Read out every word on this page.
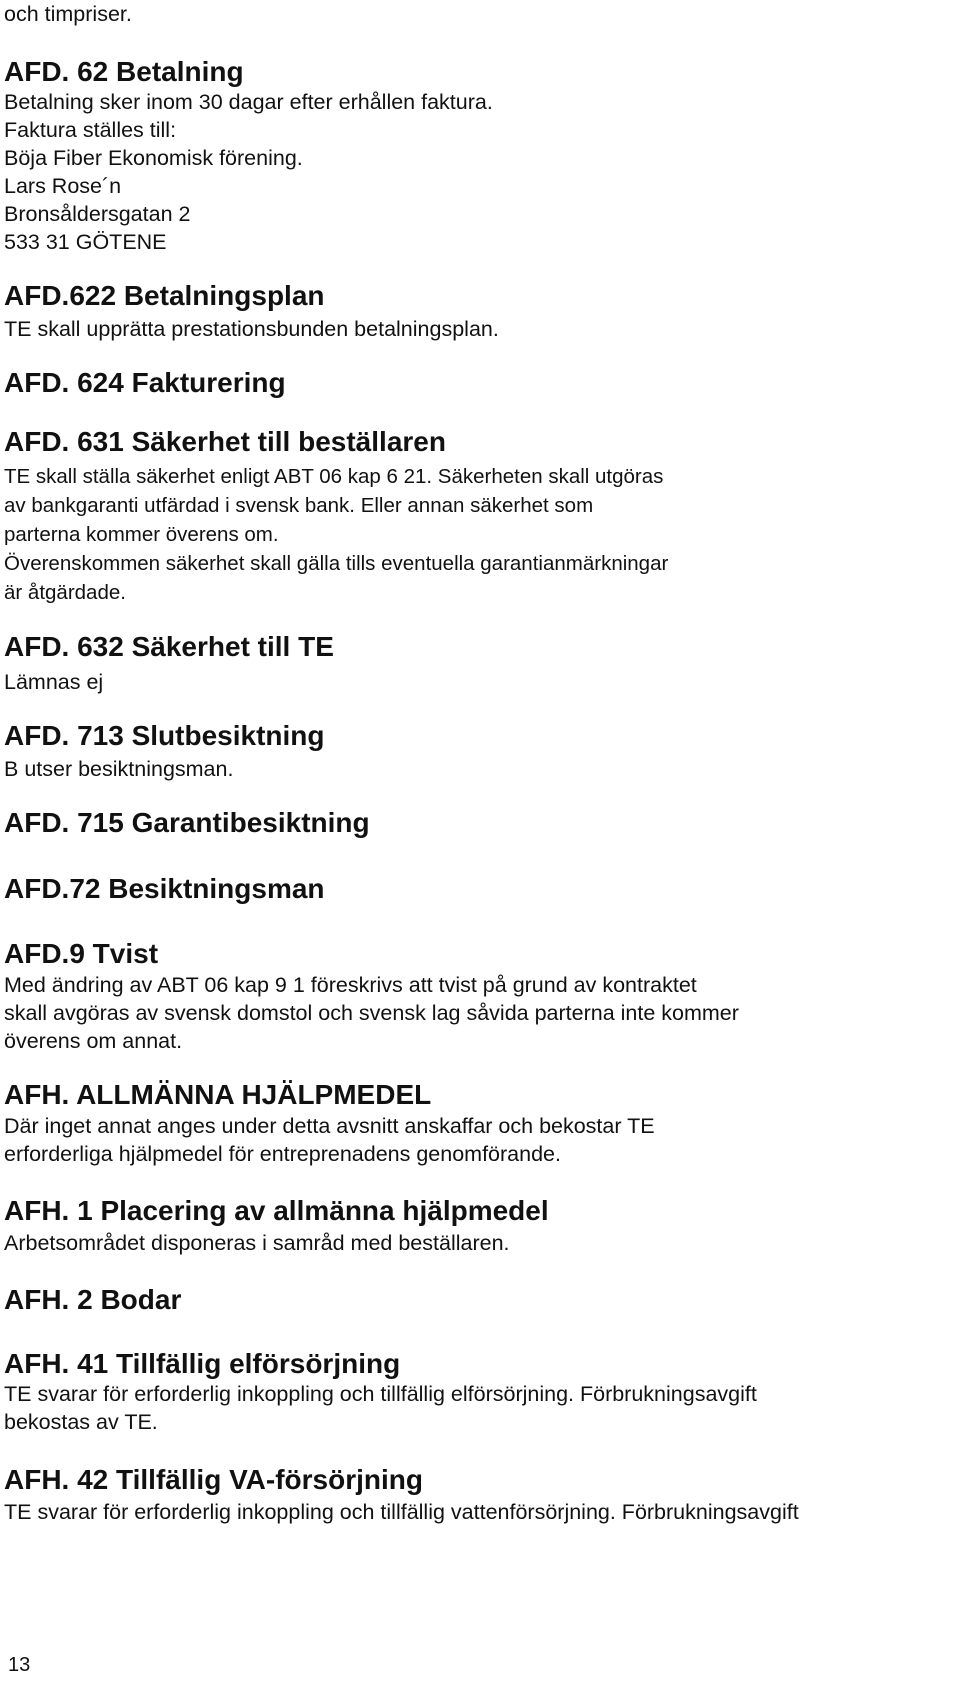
och timpriser.

AFD. 62 Betalning

Betalning sker inom 30 dagar efter erhållen faktura.

Faktura ställes till:

Böja Fiber Ekonomisk förening.

Lars Rose´n

Bronsåldersgatan 2

533 31 GÖTENE

AFD.622 Betalningsplan

TE skall upprätta prestationsbunden betalningsplan.

AFD. 624 Fakturering
AFD. 631 Säkerhet till beställaren

TE skall ställa säkerhet enligt ABT 06 kap 6 21. Säkerheten skall utgöras

av bankgaranti utfärdad i svensk bank. Eller annan säkerhet som

parterna kommer överens om.

Överenskommen säkerhet skall gälla tills eventuella garantianmärkningar

är åtgärdade.

AFD. 632 Säkerhet till TE

Lämnas ej

AFD. 713 Slutbesiktning

B utser besiktningsman.

AFD. 715 Garantibesiktning
AFD.72 Besiktningsman
AFD.9 Tvist

Med ändring av ABT 06 kap 9 1 föreskrivs att tvist på grund av kontraktet

skall avgöras av svensk domstol och svensk lag såvida parterna inte kommer

överens om annat.

AFH. ALLMÄNNA HJÄLPMEDEL

Där inget annat anges under detta avsnitt anskaffar och bekostar TE

erforderliga hjälpmedel för entreprenadens genomförande.

AFH. 1 Placering av allmänna hjälpmedel

Arbetsområdet disponeras i samråd med beställaren.

AFH. 2 Bodar
AFH. 41 Tillfällig elförsörjning

TE svarar för erforderlig inkoppling och tillfällig elförsörjning. Förbrukningsavgift

bekostas av TE.

AFH. 42 Tillfällig VA-försörjning

TE svarar för erforderlig inkoppling och tillfällig vattenförsörjning. Förbrukningsavgift

13
